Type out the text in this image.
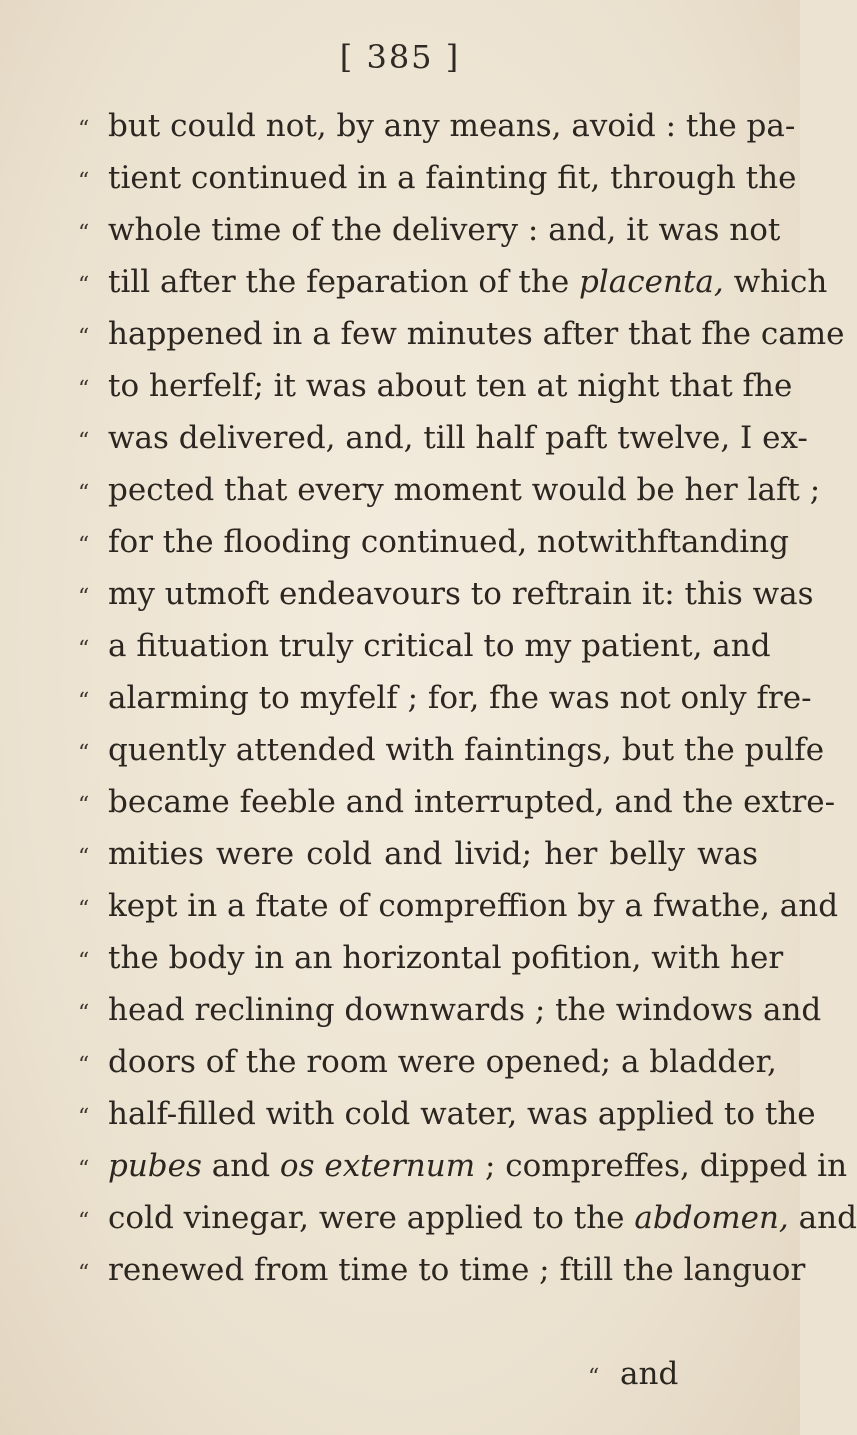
[ 385 ]
“ but could not, by any means, avoid : the pa-
“ tient continued in a fainting fit, through the
“ whole time of the delivery : and, it was not
“ till after the feparation of the placenta, which
“ happened in a few minutes after that fhe came
“ to herfelf; it was about ten at night that fhe
“ was delivered, and, till half paft twelve, I ex-
“ pected that every moment would be her laft ;
“ for the flooding continued, notwithftanding
“ my utmoft endeavours to reftrain it: this was
“ a fituation truly critical to my patient, and
“ alarming to myfelf ; for, fhe was not only fre-
“ quently attended with faintings, but the pulfe
“ became feeble and interrupted, and the extre-
“ mities were cold and livid; her belly was
“ kept in a ftate of compreffion by a fwathe, and
“ the body in an horizontal pofition, with her
“ head reclining downwards ; the windows and
“ doors of the room were opened; a bladder,
“ half-filled with cold water, was applied to the
“ pubes and os externum ; compreffes, dipped in
“ cold vinegar, were applied to the abdomen, and
“ renewed from time to time ; ftill the languor
“ and
